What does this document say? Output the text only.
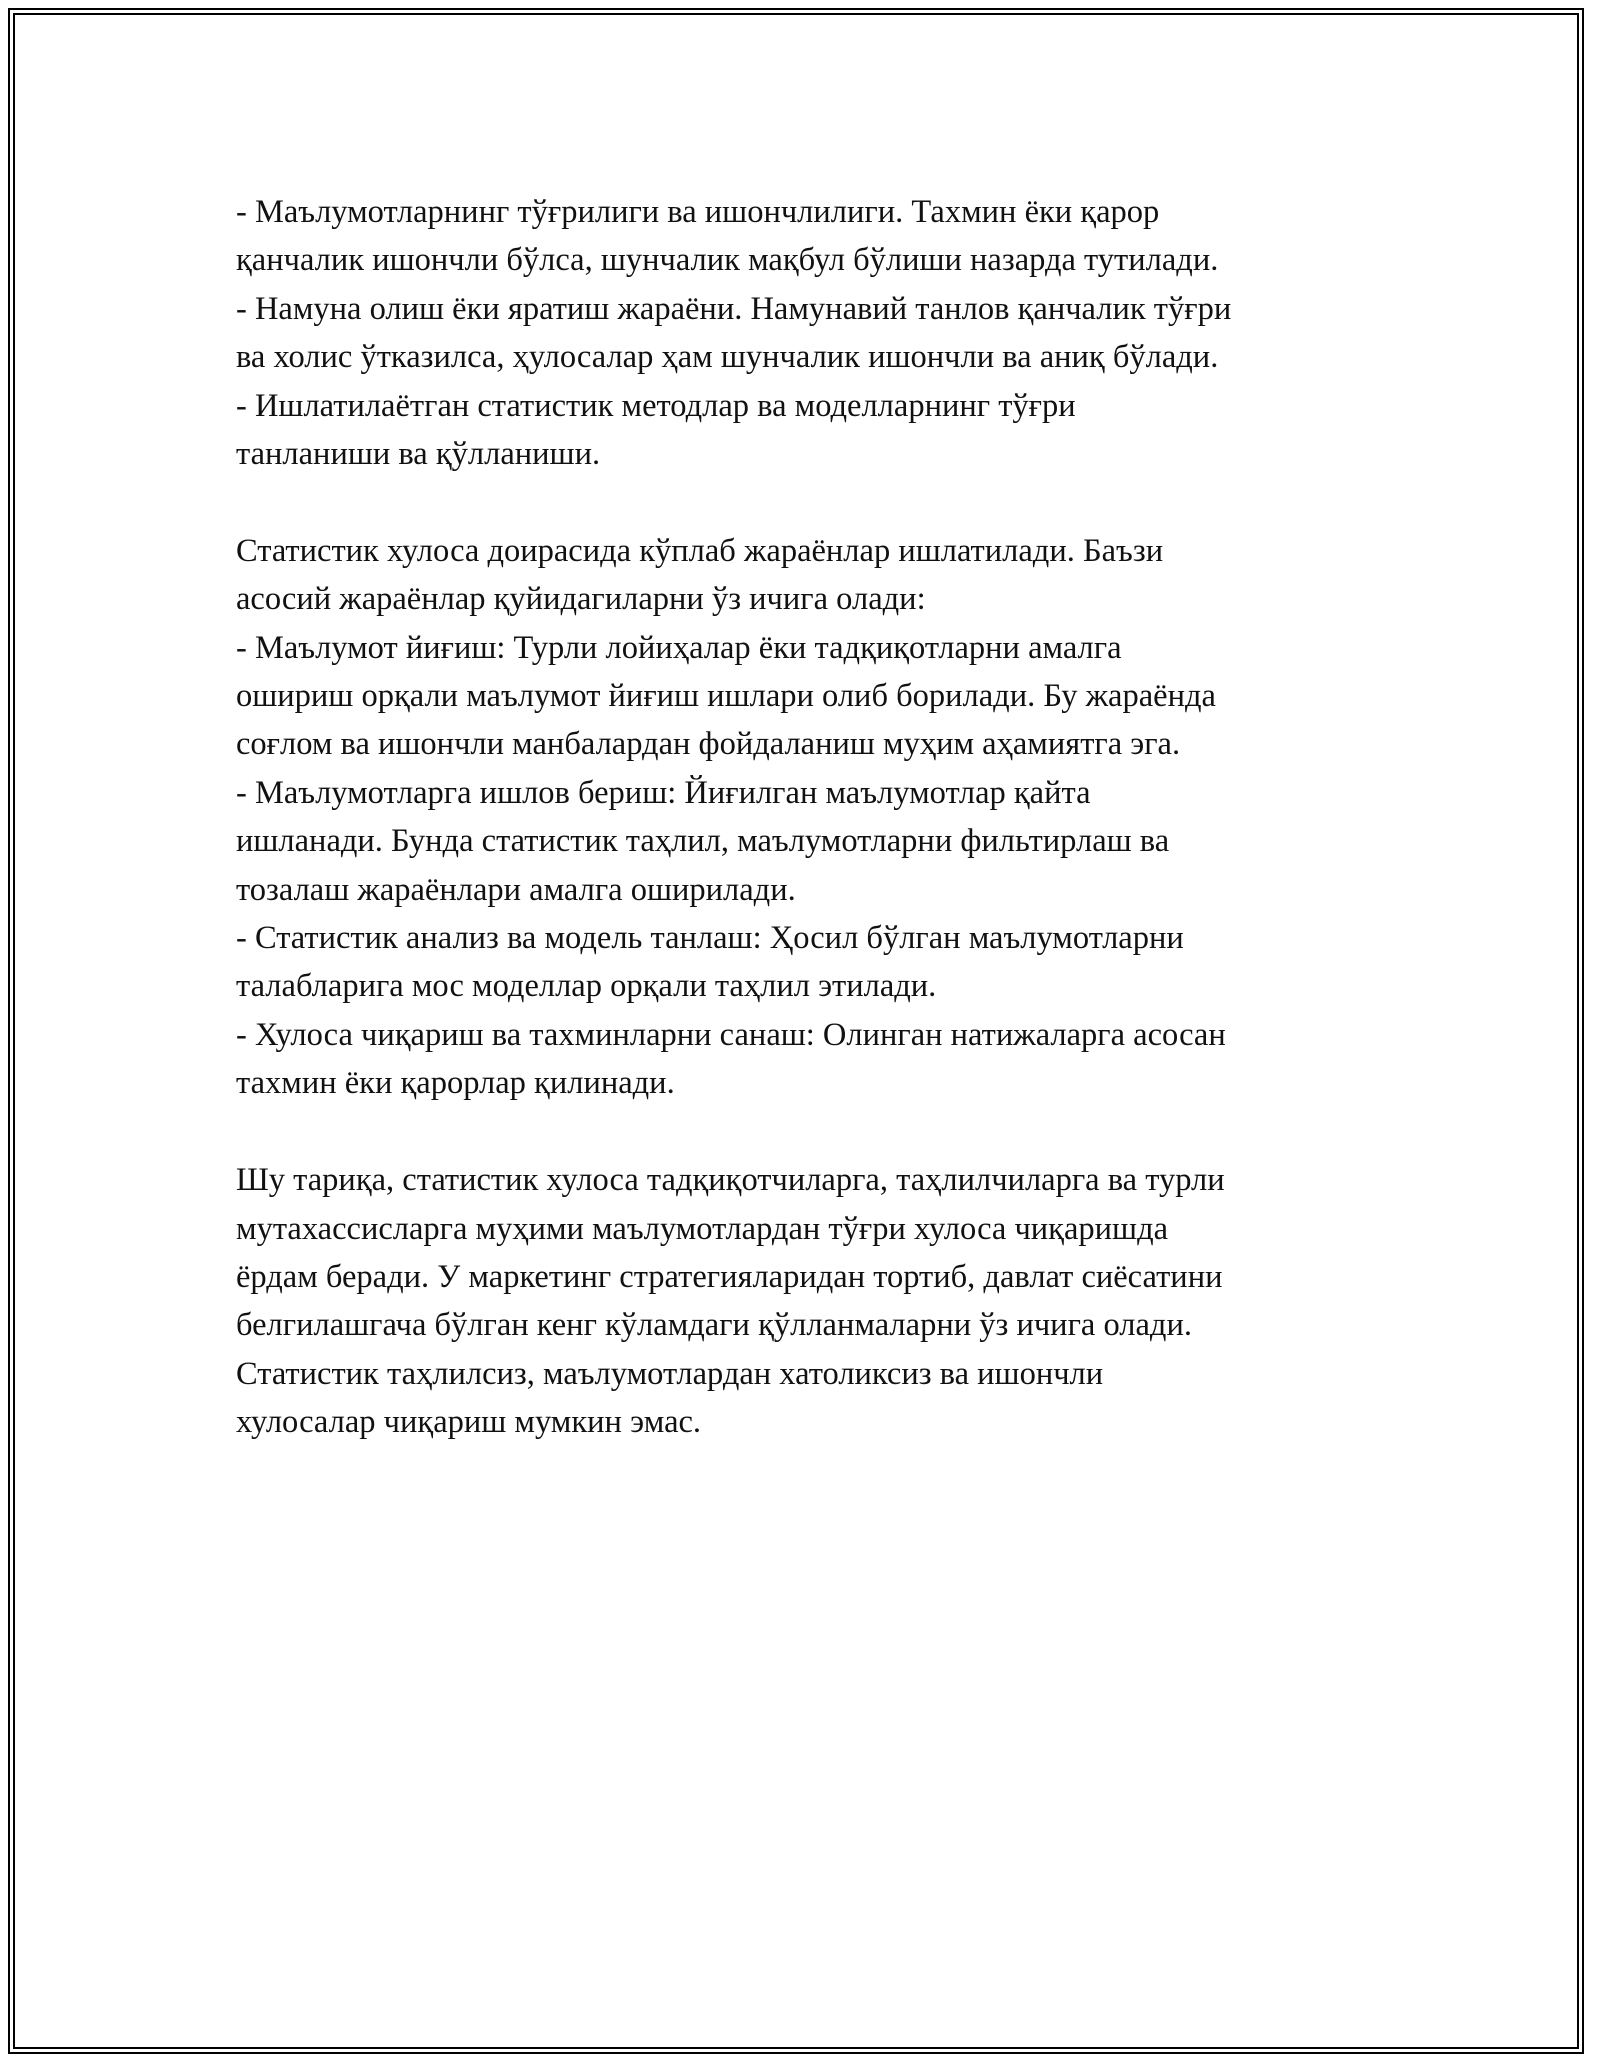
- Маълумотларнинг тўғрилиги ва ишончлилиги. Тахмин ёки қарор
қанчалик ишончли бўлса, шунчалик мақбул бўлиши назарда тутилади.
- Намуна олиш ёки яратиш жараёни. Намунавий танлов қанчалик тўғри
ва холис ўтказилса, ҳулосалар ҳам шунчалик ишончли ва аниқ бўлади.
- Ишлатилаётган статистик методлар ва моделларнинг тўғри
танланиши ва қўлланиши.
Статистик хулоса доирасида кўплаб жараёнлар ишлатилади. Баъзи
асосий жараёнлар қуйидагиларни ўз ичига олади:
- Маълумот йиғиш: Турли лойиҳалар ёки тадқиқотларни амалга
ошириш орқали маълумот йиғиш ишлари олиб борилади. Бу жараёнда
соғлом ва ишончли манбалардан фойдаланиш муҳим аҳамиятга эга.
- Маълумотларга ишлов бериш: Йиғилган маълумотлар қайта
ишланади. Бунда статистик таҳлил, маълумотларни фильтирлаш ва
тозалаш жараёнлари амалга оширилади.
- Статистик анализ ва модель танлаш: Ҳосил бўлган маълумотларни
талабларига мос моделлар орқали таҳлил этилади.
- Хулоса чиқариш ва тахминларни санаш: Олинган натижаларга асосан
тахмин ёки қарорлар қилинади.
Шу тариқа, статистик хулоса тадқиқотчиларга, таҳлилчиларга ва турли
мутахассисларга муҳими маълумотлардан тўғри хулоса чиқаришда
ёрдам беради. У маркетинг стратегияларидан тортиб, давлат сиёсатини
белгилашгача бўлган кенг кўламдаги қўлланмаларни ўз ичига олади.
Статистик таҳлилсиз, маълумотлардан хатоликсиз ва ишончли
хулосалар чиқариш мумкин эмас.
